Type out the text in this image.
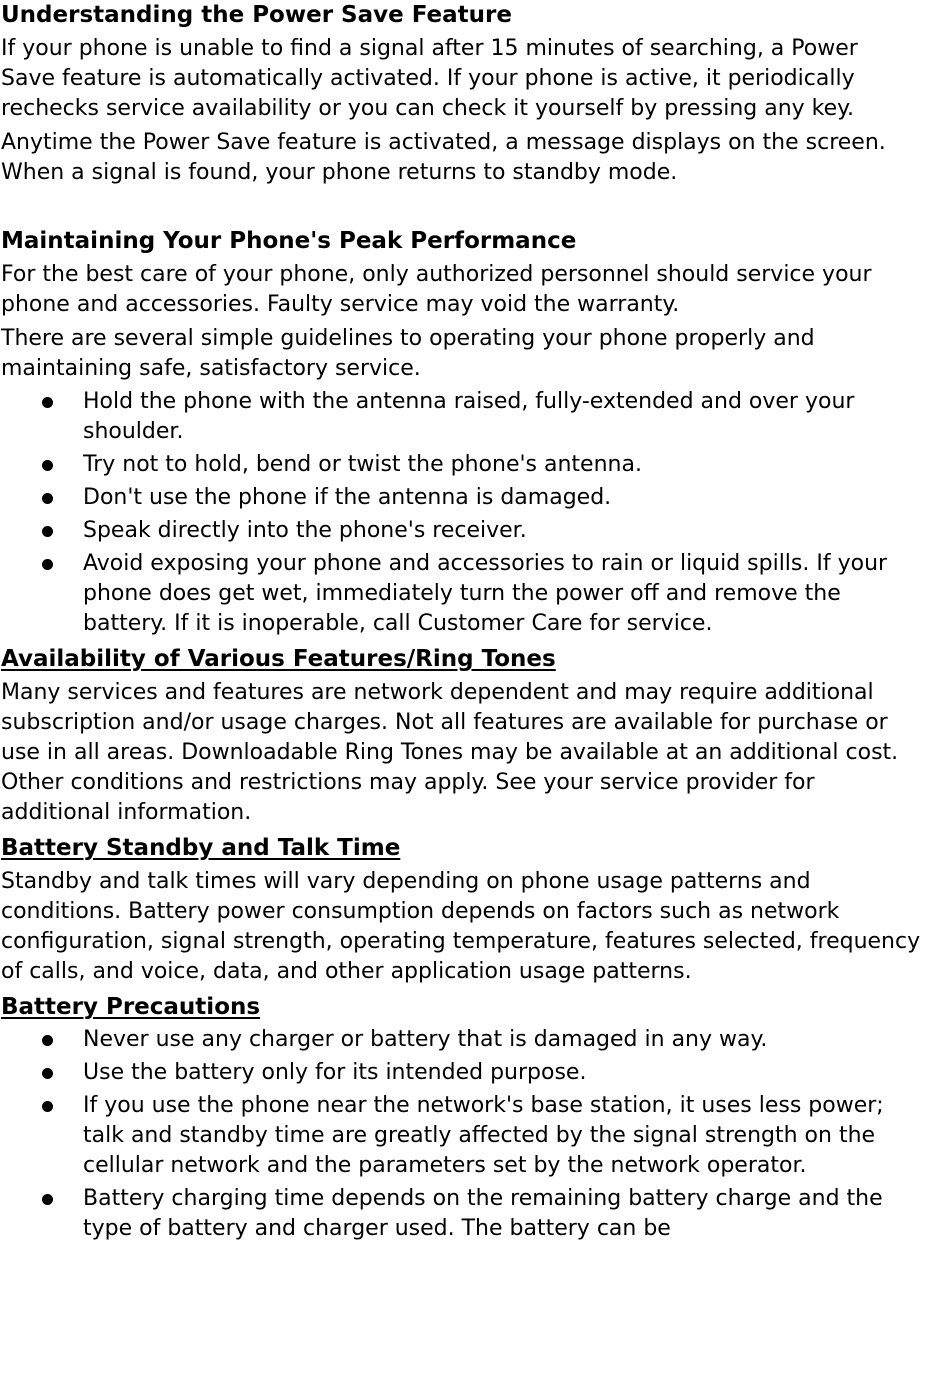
Understanding the Power Save Feature

If your phone is unable to find a signal after 15 minutes of searching, a Power Save feature is automatically activated. If your phone is active, it periodically rechecks service availability or you can check it yourself by pressing any key.

Anytime the Power Save feature is activated, a message displays on the screen. When a signal is found, your phone returns to standby mode.

Maintaining Your Phone's Peak Performance

For the best care of your phone, only authorized personnel should service your phone and accessories. Faulty service may void the warranty.

There are several simple guidelines to operating your phone properly and maintaining safe, satisfactory service.

Hold the phone with the antenna raised, fully-extended and over your shoulder.
Try not to hold, bend or twist the phone's antenna.
Don't use the phone if the antenna is damaged.
Speak directly into the phone's receiver.
Avoid exposing your phone and accessories to rain or liquid spills. If your phone does get wet, immediately turn the power off and remove the battery. If it is inoperable, call Customer Care for service.
Availability of Various Features/Ring Tones

Many services and features are network dependent and may require additional subscription and/or usage charges. Not all features are available for purchase or use in all areas. Downloadable Ring Tones may be available at an additional cost. Other conditions and restrictions may apply. See your service provider for additional information.

Battery Standby and Talk Time

Standby and talk times will vary depending on phone usage patterns and conditions. Battery power consumption depends on factors such as network configuration, signal strength, operating temperature, features selected, frequency of calls, and voice, data, and other application usage patterns.

Battery Precautions
Never use any charger or battery that is damaged in any way.
Use the battery only for its intended purpose.
If you use the phone near the network's base station, it uses less power; talk and standby time are greatly affected by the signal strength on the cellular network and the parameters set by the network operator.
Battery charging time depends on the remaining battery charge and the type of battery and charger used. The battery can be
